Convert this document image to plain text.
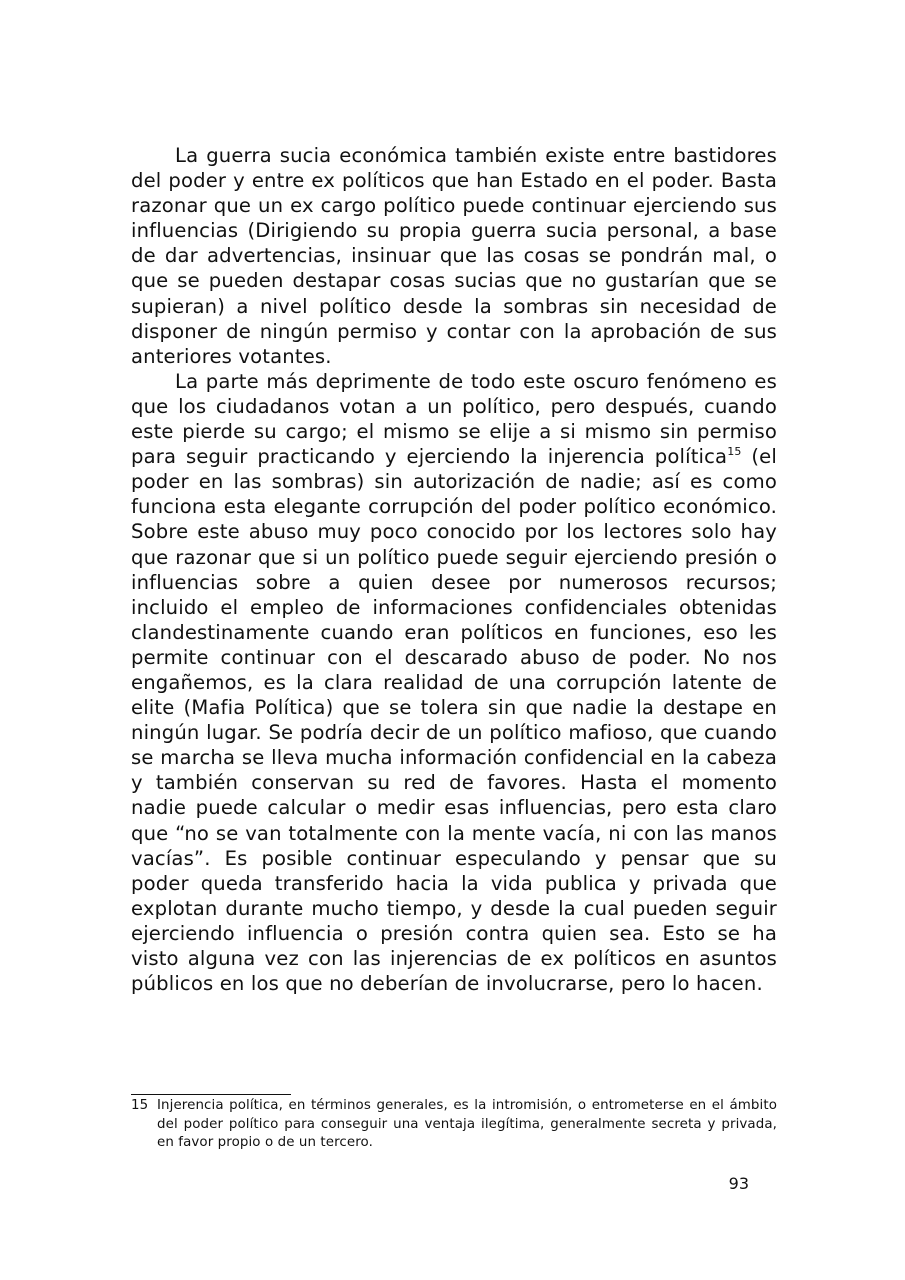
La guerra sucia económica también existe entre bastidores del poder y entre ex políticos que han Estado en el poder. Basta razonar que un ex cargo político puede continuar ejerciendo sus influencias (Dirigiendo su propia guerra sucia personal, a base de dar advertencias, insinuar que las cosas se pondrán mal, o que se pueden destapar cosas sucias que no gustarían que se supieran) a nivel político desde la sombras sin necesidad de disponer de ningún permiso y contar con la aprobación de sus anteriores votantes.

La parte más deprimente de todo este oscuro fenómeno es que los ciudadanos votan a un político, pero después, cuando este pierde su cargo; el mismo se elije a si mismo sin permiso para seguir practicando y ejerciendo la injerencia política$^{15}$ (el poder en las sombras) sin autorización de nadie; así es como funciona esta elegante corrupción del poder político económico. Sobre este abuso muy poco conocido por los lectores solo hay que razonar que si un político puede seguir ejerciendo presión o influencias sobre a quien desee por numerosos recursos; incluido el empleo de informaciones confidenciales obtenidas clandestinamente cuando eran políticos en funciones, eso les permite continuar con el descarado abuso de poder. No nos engañemos, es la clara realidad de una corrupción latente de elite (Mafia Política) que se tolera sin que nadie la destape en ningún lugar. Se podría decir de un político mafioso, que cuando se marcha se lleva mucha información confidencial en la cabeza y también conservan su red de favores. Hasta el momento nadie puede calcular o medir esas influencias, pero esta claro que “no se van totalmente con la mente vacía, ni con las manos vacías”. Es posible continuar especulando y pensar que su poder queda transferido hacia la vida publica y privada que explotan durante mucho tiempo, y desde la cual pueden seguir ejerciendo influencia o presión contra quien sea. Esto se ha visto alguna vez con las injerencias de ex políticos en asuntos públicos en los que no deberían de involucrarse, pero lo hacen.

15 Injerencia política, en términos generales, es la intromisión, o entrometerse en el ámbito del poder político para conseguir una ventaja ilegítima, generalmente secreta y privada, en favor propio o de un tercero.

93
